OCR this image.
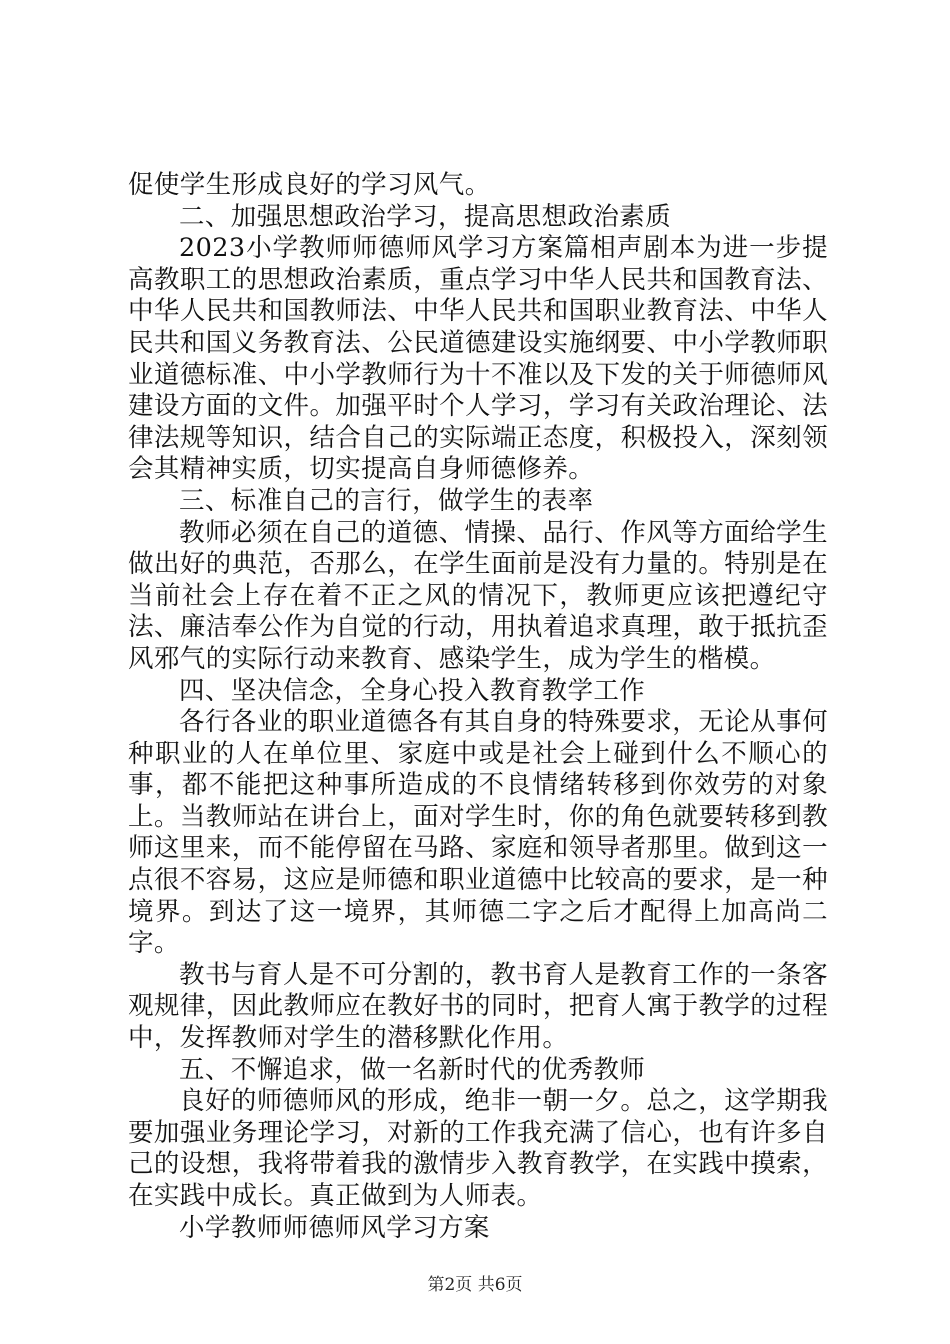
促使学生形成良好的学习风气。

二、加强思想政治学习，提高思想政治素质

2023小学教师师德师风学习方案篇相声剧本为进一步提高教职工的思想政治素质，重点学习中华人民共和国教育法、中华人民共和国教师法、中华人民共和国职业教育法、中华人民共和国义务教育法、公民道德建设实施纲要、中小学教师职业道德标准、中小学教师行为十不准以及下发的关于师德师风建设方面的文件。加强平时个人学习，学习有关政治理论、法律法规等知识，结合自己的实际端正态度，积极投入，深刻领会其精神实质，切实提高自身师德修养。

三、标准自己的言行，做学生的表率

教师必须在自己的道德、情操、品行、作风等方面给学生做出好的典范，否那么，在学生面前是没有力量的。特别是在当前社会上存在着不正之风的情况下，教师更应该把遵纪守法、廉洁奉公作为自觉的行动，用执着追求真理，敢于抵抗歪风邪气的实际行动来教育、感染学生，成为学生的楷模。

四、坚决信念，全身心投入教育教学工作

各行各业的职业道德各有其自身的特殊要求，无论从事何种职业的人在单位里、家庭中或是社会上碰到什么不顺心的事，都不能把这种事所造成的不良情绪转移到你效劳的对象上。当教师站在讲台上，面对学生时，你的角色就要转移到教师这里来，而不能停留在马路、家庭和领导者那里。做到这一点很不容易，这应是师德和职业道德中比较高的要求，是一种境界。到达了这一境界，其师德二字之后才配得上加高尚二字。

教书与育人是不可分割的，教书育人是教育工作的一条客观规律，因此教师应在教好书的同时，把育人寓于教学的过程中，发挥教师对学生的潜移默化作用。

五、不懈追求，做一名新时代的优秀教师

良好的师德师风的形成，绝非一朝一夕。总之，这学期我要加强业务理论学习，对新的工作我充满了信心，也有许多自己的设想，我将带着我的激情步入教育教学，在实践中摸索，在实践中成长。真正做到为人师表。

小学教师师德师风学习方案

第2页 共6页
